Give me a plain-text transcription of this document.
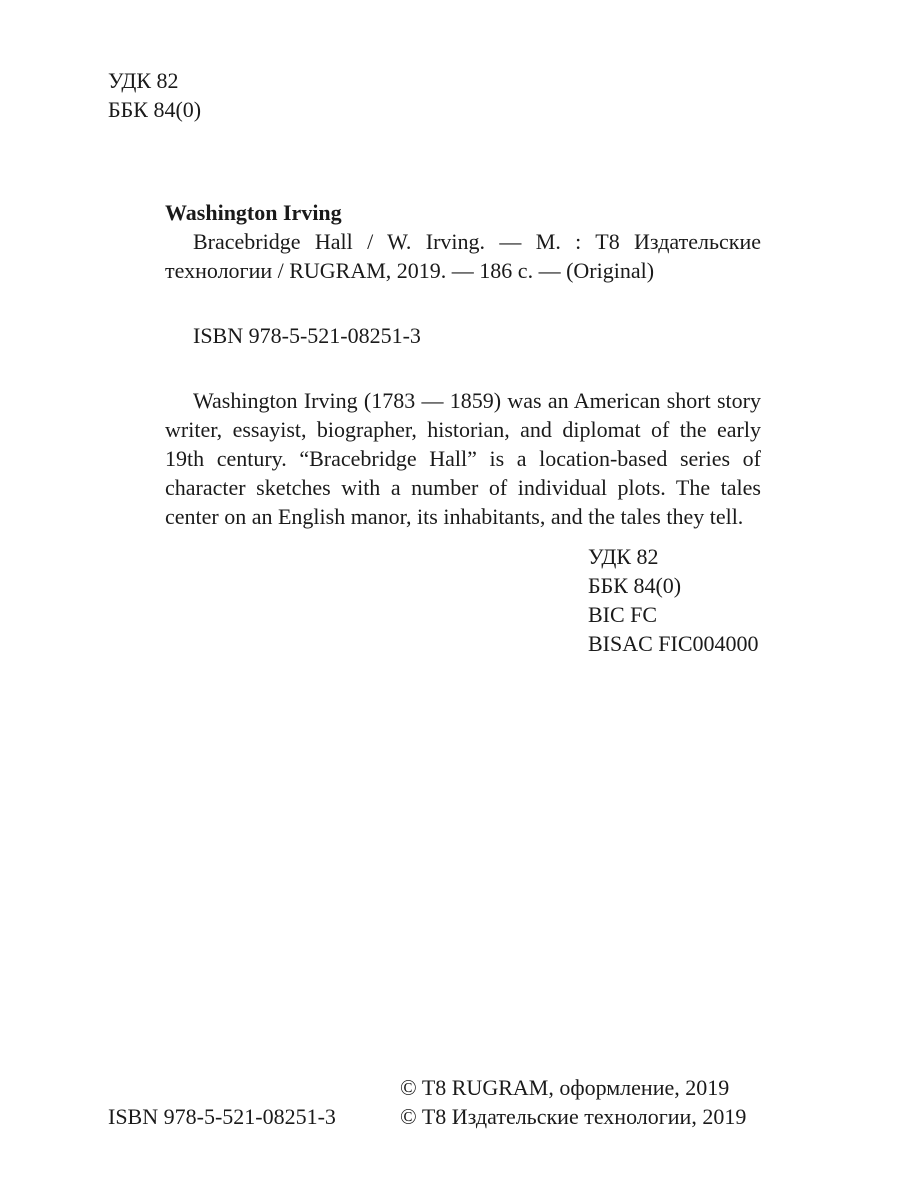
УДК 82
ББК 84(0)

Washington Irving

Bracebridge Hall / W. Irving. — M. : T8 Издательские технологии / RUGRAM, 2019. — 186 с. — (Original)

ISBN 978-5-521-08251-3

Washington Irving (1783 — 1859) was an American short story writer, essayist, biographer, historian, and diplomat of the early 19th century. “Bracebridge Hall” is a location-based series of character sketches with a number of individual plots. The tales center on an English manor, its inhabitants, and the tales they tell.

УДК 82
ББК 84(0)
BIC FC
BISAC FIC004000
ISBN 978-5-521-08251-3
© T8 RUGRAM, оформление, 2019
© T8 Издательские технологии, 2019
